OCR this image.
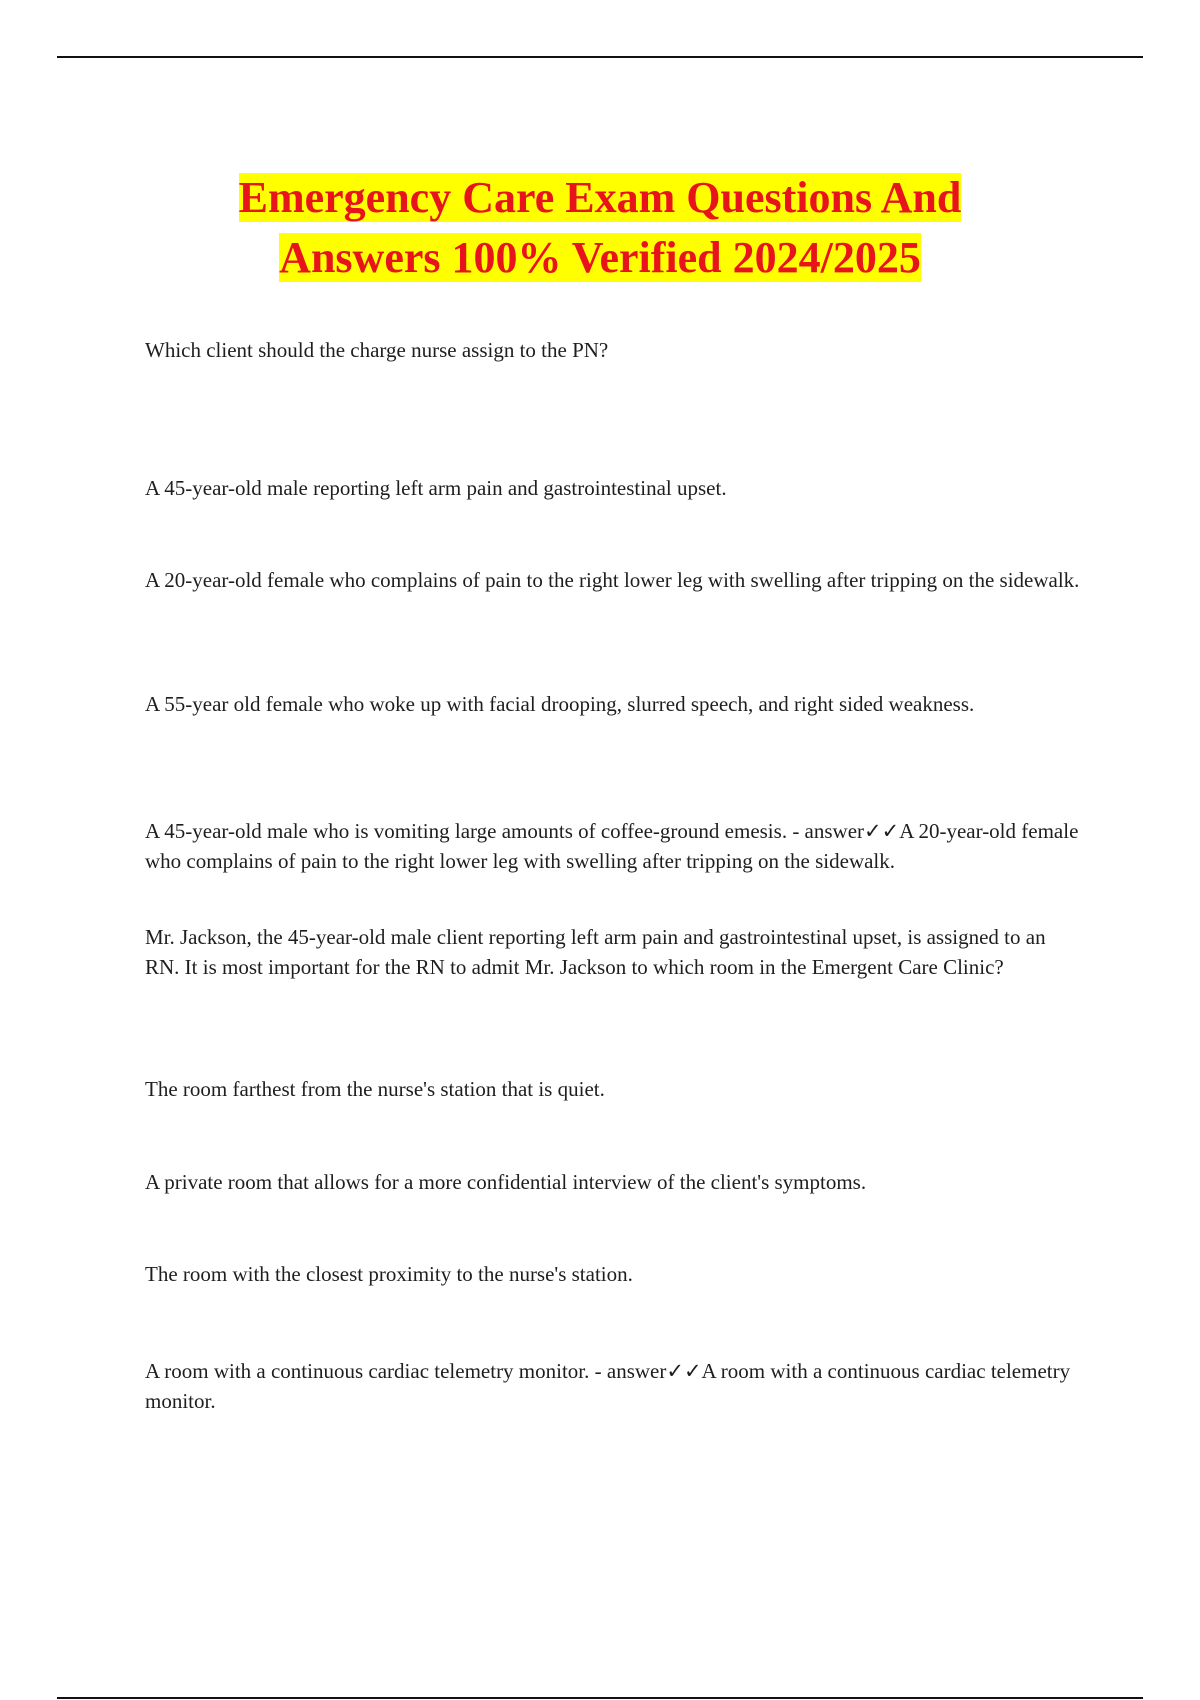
Emergency Care Exam Questions And
Answers 100% Verified 2024/2025

Which client should the charge nurse assign to the PN?

A 45-year-old male reporting left arm pain and gastrointestinal upset.

A 20-year-old female who complains of pain to the right lower leg with swelling after tripping on the sidewalk.

A 55-year old female who woke up with facial drooping, slurred speech, and right sided weakness.

A 45-year-old male who is vomiting large amounts of coffee-ground emesis. - answer✓✓A 20-year-old female who complains of pain to the right lower leg with swelling after tripping on the sidewalk.

Mr. Jackson, the 45-year-old male client reporting left arm pain and gastrointestinal upset, is assigned to an RN. It is most important for the RN to admit Mr. Jackson to which room in the Emergent Care Clinic?

The room farthest from the nurse's station that is quiet.

A private room that allows for a more confidential interview of the client's symptoms.

The room with the closest proximity to the nurse's station.

A room with a continuous cardiac telemetry monitor. - answer✓✓A room with a continuous cardiac telemetry monitor.
